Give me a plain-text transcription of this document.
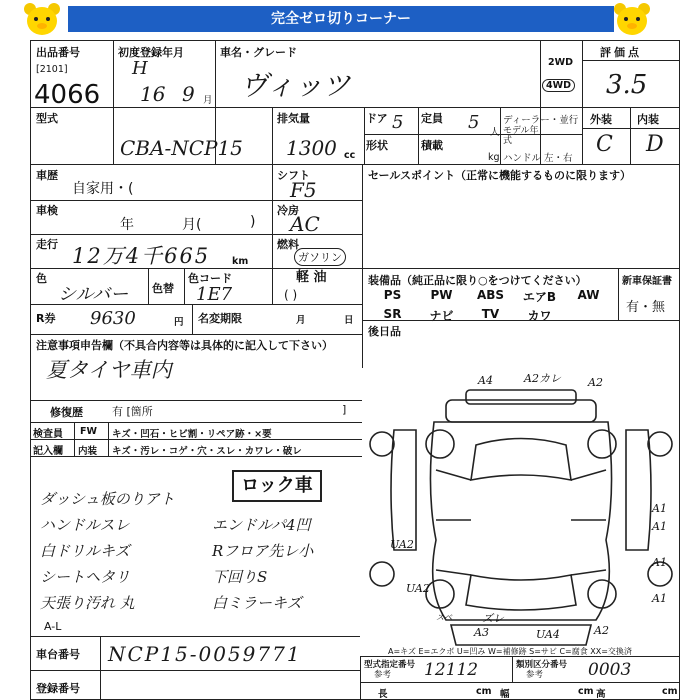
完全ゼロ切りコーナー
出品番号
[2101]
4066
初度登録年月
H
16 9 月
車名・グレード
ヴィッツ
2WD
4WD
評価点
3.5
外装 内装
C D
型式
CBA-NCP15
排気量
1300 cc
ドア 5 定員 5 人
ディーラー・並行
形状	積載
kg
モデル年式
ハンドル 左・右
車歴
自家用・(
シフト
F5
セールスポイント（正常に機能するものに限ります）
車検
年	月(	)
冷房
AC
走行 12万4千665 km
燃料
ガソリン
軽 油
( )
色
シルバー 色替
色コード
1E7
装備品（純正品に限り○をつけてください）	新車保証書
有・無
PS	PW	ABS	エアB	AW
SR	ナビ	TV	カワ
後日品
R券 9630	円 名変期限	月	日
注意事項申告欄（不具合内容等は具体的に記入して下さい）
夏タイヤ車内
修復歴	有 [箇所	]
検査員 FW キズ・凹石・ヒビ割・リペア跡・×要
記入欄 内装 キズ・汚レ・コゲ・穴・スレ・カワレ・破レ
ロック車
ダッシュ板のりアト
ハンドルスレ
白ドリルキズ
シートヘタリ
天張り汚れ 丸
エンドルパ4凹
Rフロア先レ小
下回りS
白ミラーキズ
A-L
A4	A2カレ A2
A1
UA2
A1
UA2
A1
A3	UA4	A2
A1
ズレ
スベ
A=キズ E=エクボ U=凹み W=補修跡 S=サビ C=腐食 XX=交換済
車台番号 NCP15-0059771
登録番号
型式指定番号
参考 12112	類別区分番号
参考	0003
長	cm 幅	cm 高	cm
